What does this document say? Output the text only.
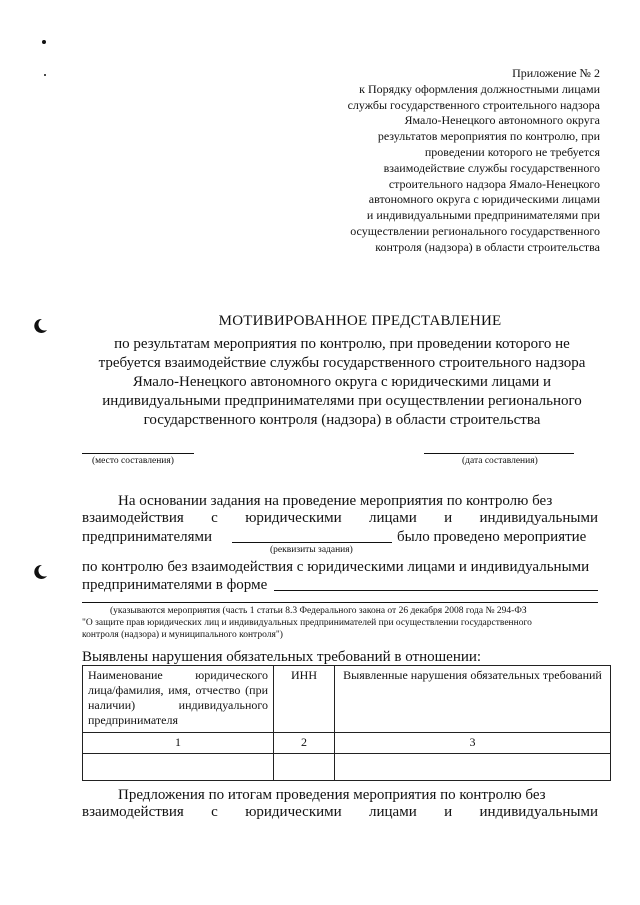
Приложение № 2
к Порядку оформления должностными лицами
службы государственного строительного надзора
Ямало-Ненецкого автономного округа
результатов мероприятия по контролю, при
проведении которого не требуется
взаимодействие службы государственного
строительного надзора Ямало-Ненецкого
автономного округа с юридическими лицами
и индивидуальными предпринимателями при
осуществлении регионального государственного
контроля (надзора) в области строительства
МОТИВИРОВАННОЕ ПРЕДСТАВЛЕНИЕ
по результатам мероприятия по контролю, при проведении которого не
требуется взаимодействие службы государственного строительного надзора
Ямало-Ненецкого автономного округа с юридическими лицами и
индивидуальными предпринимателями при осуществлении регионального
государственного контроля (надзора) в области строительства
(место составления)	(дата составления)
На основании задания на проведение мероприятия по контролю без
взаимодействия с юридическими лицами и индивидуальными
предпринимателями	было проведено мероприятие
(реквизиты задания)
по контролю без взаимодействия с юридическими лицами и индивидуальными
предпринимателями в форме
(указываются мероприятия (часть 1 статьи 8.3 Федерального закона от 26 декабря 2008 года № 294-ФЗ
"О защите прав юридических лиц и индивидуальных предпринимателей при осуществлении государственного
контроля (надзора) и муниципального контроля")
Выявлены нарушения обязательных требований в отношении:
Наименование юридического лица/фамилия, имя, отчество (при наличии) индивидуального предпринимателя	ИНН	Выявленные нарушения обязательных требований
1	2	3

Предложения по итогам проведения мероприятия по контролю без
взаимодействия с юридическими лицами и индивидуальными
